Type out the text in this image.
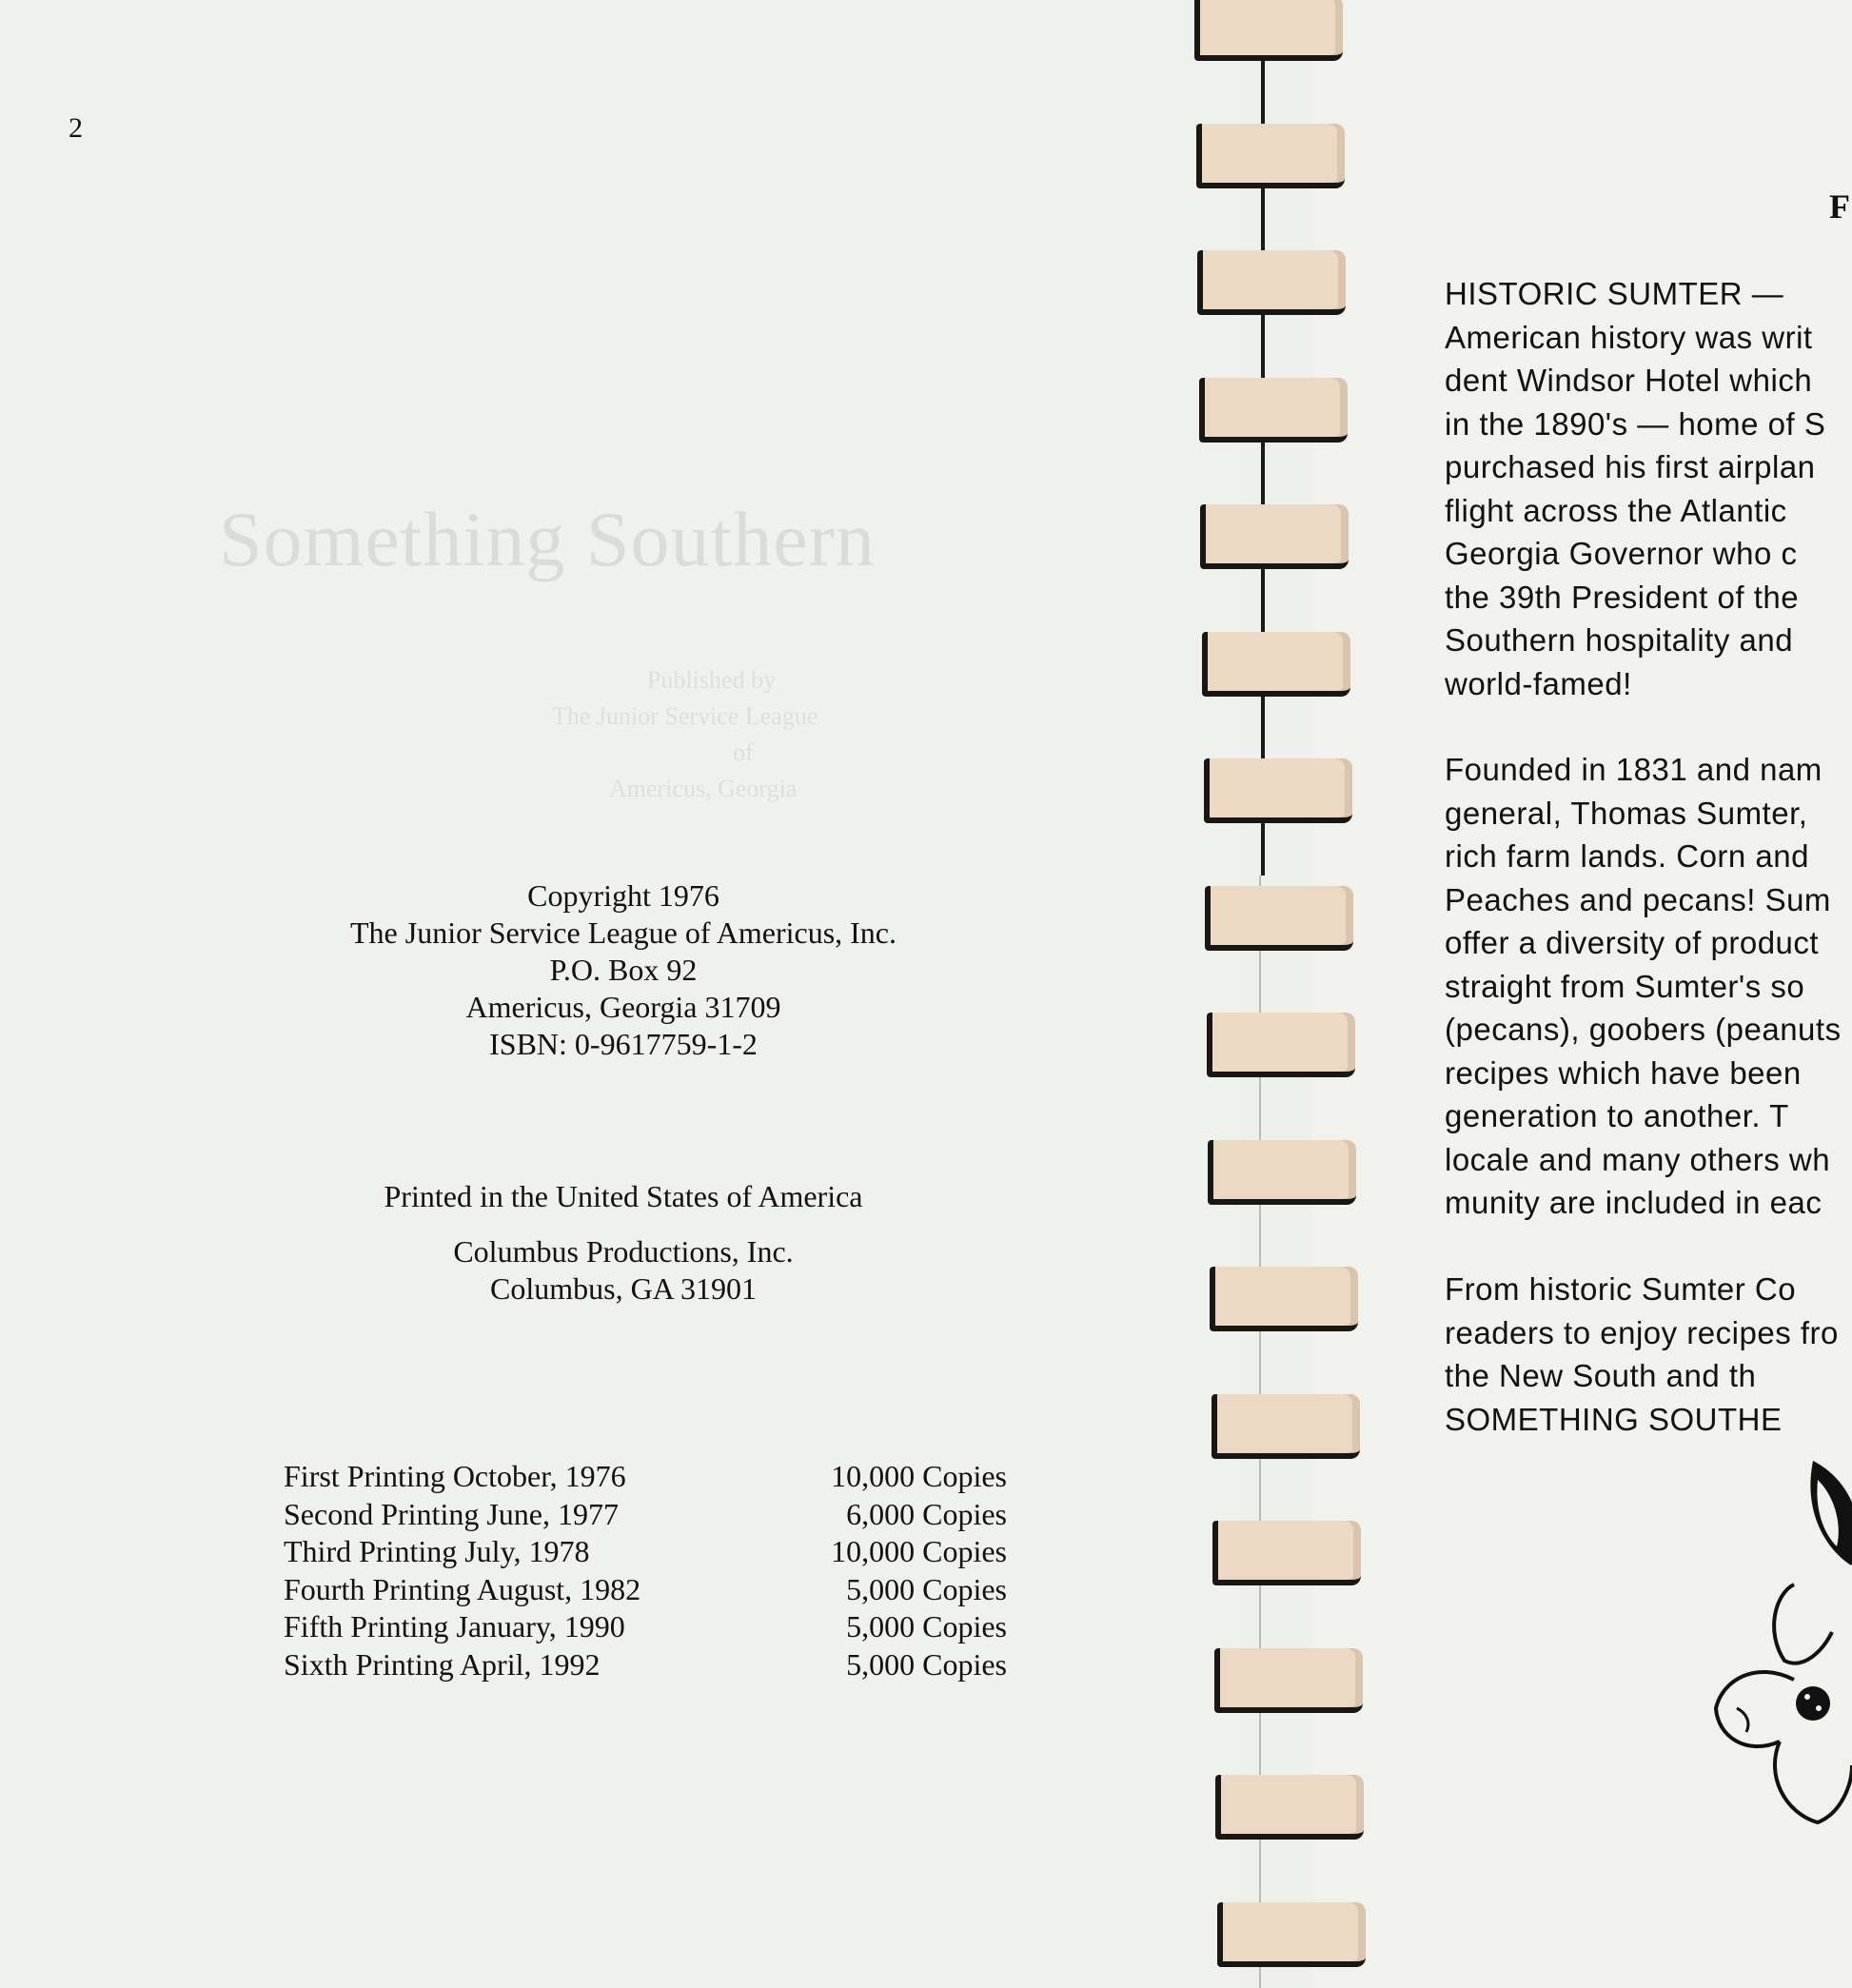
2
Something Southern
Published by
The Junior Service League
of
Americus, Georgia
Copyright 1976
The Junior Service League of Americus, Inc.
P.O. Box 92
Americus, Georgia 31709
ISBN: 0-9617759-1-2
Printed in the United States of America
Columbus Productions, Inc.
Columbus, GA 31901
First Printing October, 1976	10,000 Copies
Second Printing June, 1977	6,000 Copies
Third Printing July, 1978	10,000 Copies
Fourth Printing August, 1982	5,000 Copies
Fifth Printing January, 1990	5,000 Copies
Sixth Printing April, 1992	5,000 Copies
F
HISTORIC SUMTER —
American history was writ
dent Windsor Hotel which
in the 1890's — home of S
purchased his first airplan
flight across the Atlantic
Georgia Governor who c
the 39th President of the
Southern hospitality and
world-famed!
Founded in 1831 and nam
general, Thomas Sumter,
rich farm lands. Corn and
Peaches and pecans! Sum
offer a diversity of product
straight from Sumter's so
(pecans), goobers (peanuts
recipes which have been
generation to another. T
locale and many others wh
munity are included in eac
From historic Sumter Co
readers to enjoy recipes fro
the New South and th
SOMETHING SOUTHE
